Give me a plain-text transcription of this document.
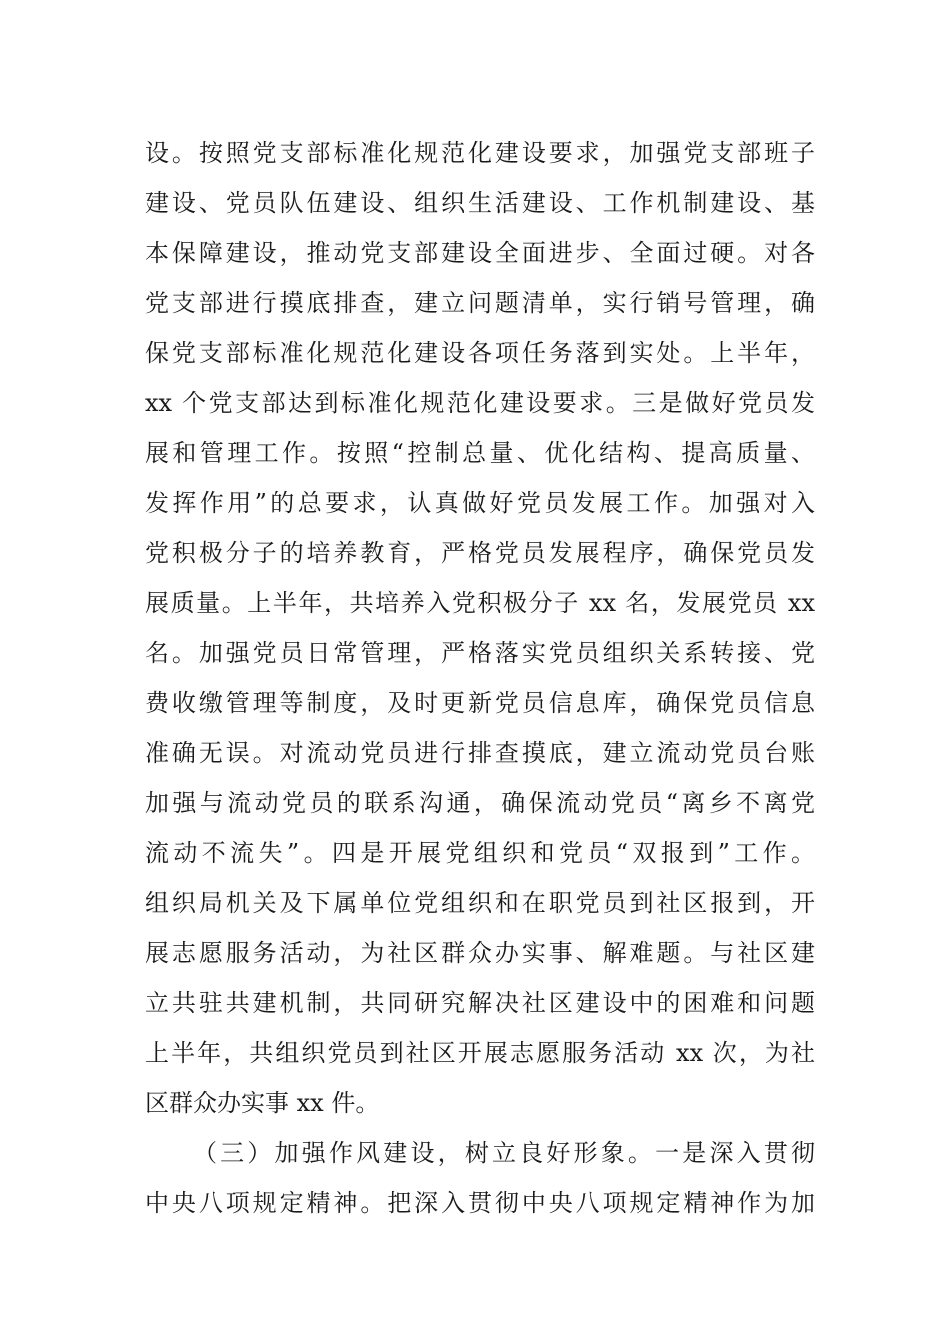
设。按照党支部标准化规范化建设要求，加强党支部班子
建设、党员队伍建设、组织生活建设、工作机制建设、基
本保障建设，推动党支部建设全面进步、全面过硬。对各
党支部进行摸底排查，建立问题清单，实行销号管理，确
保党支部标准化规范化建设各项任务落到实处。上半年，
xx 个党支部达到标准化规范化建设要求。三是做好党员发
展和管理工作。按照“控制总量、优化结构、提高质量、
发挥作用”的总要求，认真做好党员发展工作。加强对入
党积极分子的培养教育，严格党员发展程序，确保党员发
展质量。上半年，共培养入党积极分子 xx 名，发展党员 xx
名。加强党员日常管理，严格落实党员组织关系转接、党
费收缴管理等制度，及时更新党员信息库，确保党员信息
准确无误。对流动党员进行排查摸底，建立流动党员台账
加强与流动党员的联系沟通，确保流动党员“离乡不离党
流动不流失”。四是开展党组织和党员“双报到”工作。
组织局机关及下属单位党组织和在职党员到社区报到，开
展志愿服务活动，为社区群众办实事、解难题。与社区建
立共驻共建机制，共同研究解决社区建设中的困难和问题
上半年，共组织党员到社区开展志愿服务活动 xx 次，为社
区群众办实事 xx 件。
（三）加强作风建设，树立良好形象。一是深入贯彻
中央八项规定精神。把深入贯彻中央八项规定精神作为加
